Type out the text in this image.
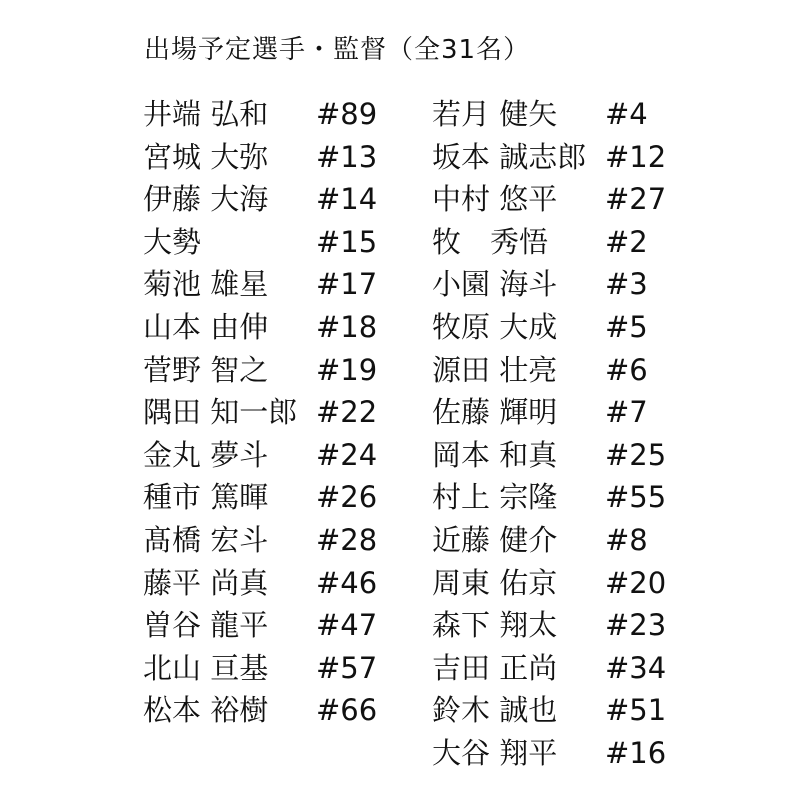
出場予定選手・監督（全31名）
井端 弘和 #89
宮城 大弥 #13
伊藤 大海 #14
大勢	#15
菊池 雄星 #17
山本 由伸 #18
菅野 智之 #19
隅田 知一郎 #22
金丸 夢斗 #24
種市 篤暉 #26
髙橋 宏斗 #28
藤平 尚真 #46
曽谷 龍平 #47
北山 亘基 #57
松本 裕樹 #66
若月 健矢 #4
坂本 誠志郎 #12
中村 悠平 #27
牧　秀悟 #2
小園 海斗 #3
牧原 大成 #5
源田 壮亮 #6
佐藤 輝明 #7
岡本 和真 #25
村上 宗隆 #55
近藤 健介 #8
周東 佑京 #20
森下 翔太 #23
吉田 正尚 #34
鈴木 誠也 #51
大谷 翔平 #16
